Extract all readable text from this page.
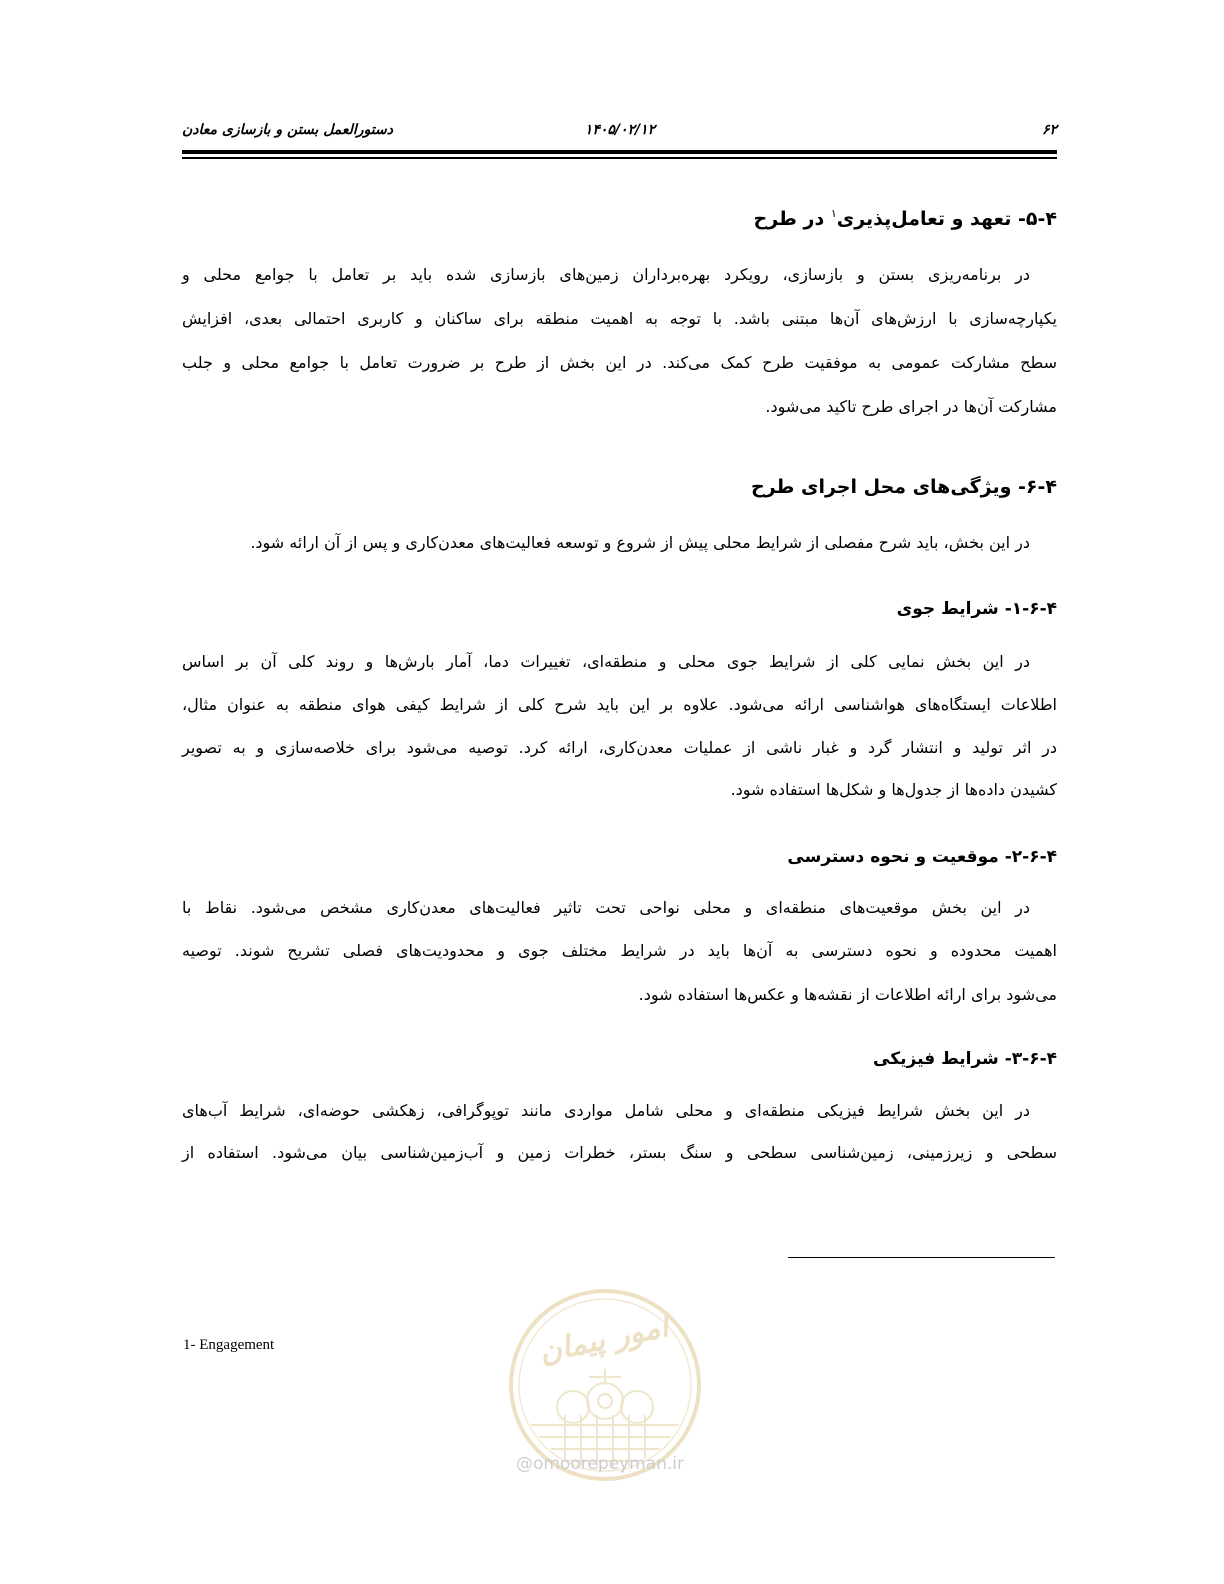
۶۲
۱۴۰۵/۰۲/۱۲
دستورالعمل بستن و بازسازی معادن
۴-۵- تعهد و تعامل‌پذیری$^۱$ در طرح
در برنامه‌ریزی بستن و بازسازی، رویکرد بهره‌برداران زمین‌های بازسازی شده باید بر تعامل با جوامع محلی و
یکپارچه‌سازی با ارزش‌های آن‌ها مبتنی باشد. با توجه به اهمیت منطقه برای ساکنان و کاربری احتمالی بعدی، افزایش
سطح مشارکت عمومی به موفقیت طرح کمک می‌کند. در این بخش از طرح بر ضرورت تعامل با جوامع محلی و جلب
مشارکت آن‌ها در اجرای طرح تاکید می‌شود.
۴-۶- ویژگی‌های محل اجرای طرح
در این بخش، باید شرح مفصلی از شرایط محلی پیش از شروع و توسعه فعالیت‌های معدن‌کاری و پس از آن ارائه شود.
۴-۶-۱- شرایط جوی
در این بخش نمایی کلی از شرایط جوی محلی و منطقه‌ای، تغییرات دما، آمار بارش‌ها و روند کلی آن بر اساس
اطلاعات ایستگاه‌های هواشناسی ارائه می‌شود. علاوه بر این باید شرح کلی از شرایط کیفی هوای منطقه به عنوان مثال،
در اثر تولید و انتشار گرد و غبار ناشی از عملیات معدن‌کاری، ارائه کرد. توصیه می‌شود برای خلاصه‌سازی و به تصویر
کشیدن داده‌ها از جدول‌ها و شکل‌ها استفاده شود.
۴-۶-۲- موقعیت و نحوه دسترسی
در این بخش موقعیت‌های منطقه‌ای و محلی نواحی تحت تاثیر فعالیت‌های معدن‌کاری مشخص می‌شود. نقاط با
اهمیت محدوده و نحوه دسترسی به آن‌ها باید در شرایط مختلف جوی و محدودیت‌های فصلی تشریح شوند. توصیه
می‌شود برای ارائه اطلاعات از نقشه‌ها و عکس‌ها استفاده شود.
۴-۶-۳- شرایط فیزیکی
در این بخش شرایط فیزیکی منطقه‌ای و محلی شامل مواردی مانند توپوگرافی، زهکشی حوضه‌ای، شرایط آب‌های
سطحی و زیرزمینی، زمین‌شناسی سطحی و سنگ بستر، خطرات زمین و آب‌زمین‌شناسی بیان می‌شود. استفاده از
1- Engagement	امور پیمان
@omoorepeyman.ir
